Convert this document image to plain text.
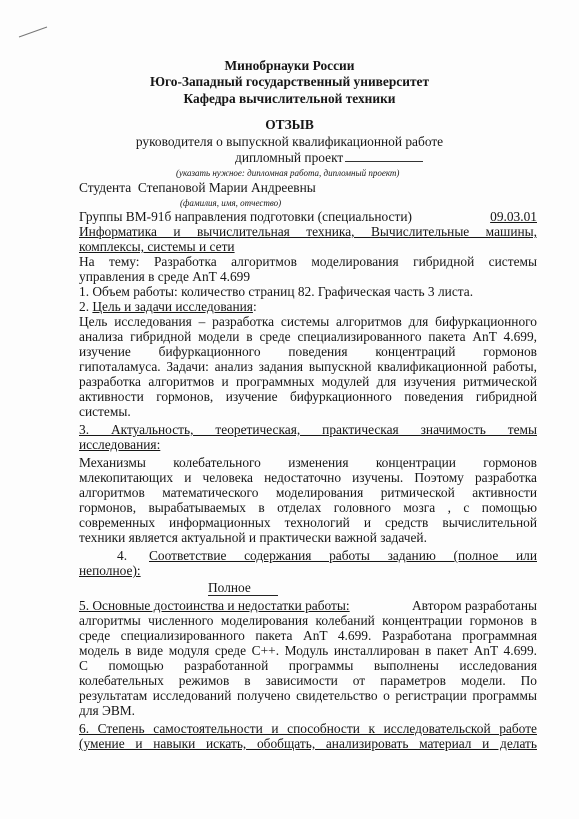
Минобрнауки России
Юго-Западный государственный университет
Кафедра вычислительной техники
ОТЗЫВ
руководителя о выпускной квалификационной работе
дипломный проект
(указать нужное: дипломная работа, дипломный проект)
Студента Степановой Марии Андреевны
(фамилия, имя, отчество)
Группы ВМ-91б направления подготовки (специальности)	09.03.01
Информатика и вычислительная техника, Вычислительные машины,
комплексы, системы и сети
На тему: Разработка алгоритмов моделирования гибридной системы
управления в среде AnT 4.699
1. Объем работы: количество страниц 82. Графическая часть 3 листа.
2. Цель и задачи исследования:
Цель исследования – разработка системы алгоритмов для бифуркационного
анализа гибридной модели в среде специализированного пакета AnT 4.699,
изучение бифуркационного поведения концентраций гормонов
гипоталамуса. Задачи: анализ задания выпускной квалификационной работы,
разработка алгоритмов и программных модулей для изучения ритмической
активности гормонов, изучение бифуркационного поведения гибридной
системы.
3. Актуальность, теоретическая, практическая значимость темы
исследования:
Механизмы колебательного изменения концентрации гормонов
млекопитающих и человека недостаточно изучены. Поэтому разработка
алгоритмов математического моделирования ритмической активности
гормонов, вырабатываемых в отделах головного мозга , с помощью
современных информационных технологий и средств вычислительной
техники является актуальной и практически важной задачей.
4. Соответствие содержания работы заданию (полное или
неполное):
Полное
5. Основные достоинства и недостатки работы:	Автором разработаны
алгоритмы численного моделирования колебаний концентрации гормонов в
среде специализированного пакета AnT 4.699. Разработана программная
модель в виде модуля среде C++. Модуль инсталлирован в пакет AnT 4.699.
С помощью разработанной программы выполнены исследования
колебательных режимов в зависимости от параметров модели. По
результатам исследований получено свидетельство о регистрации программы
для ЭВМ.
6. Степень самостоятельности и способности к исследовательской работе
(умение и навыки искать, обобщать, анализировать материал и делать
